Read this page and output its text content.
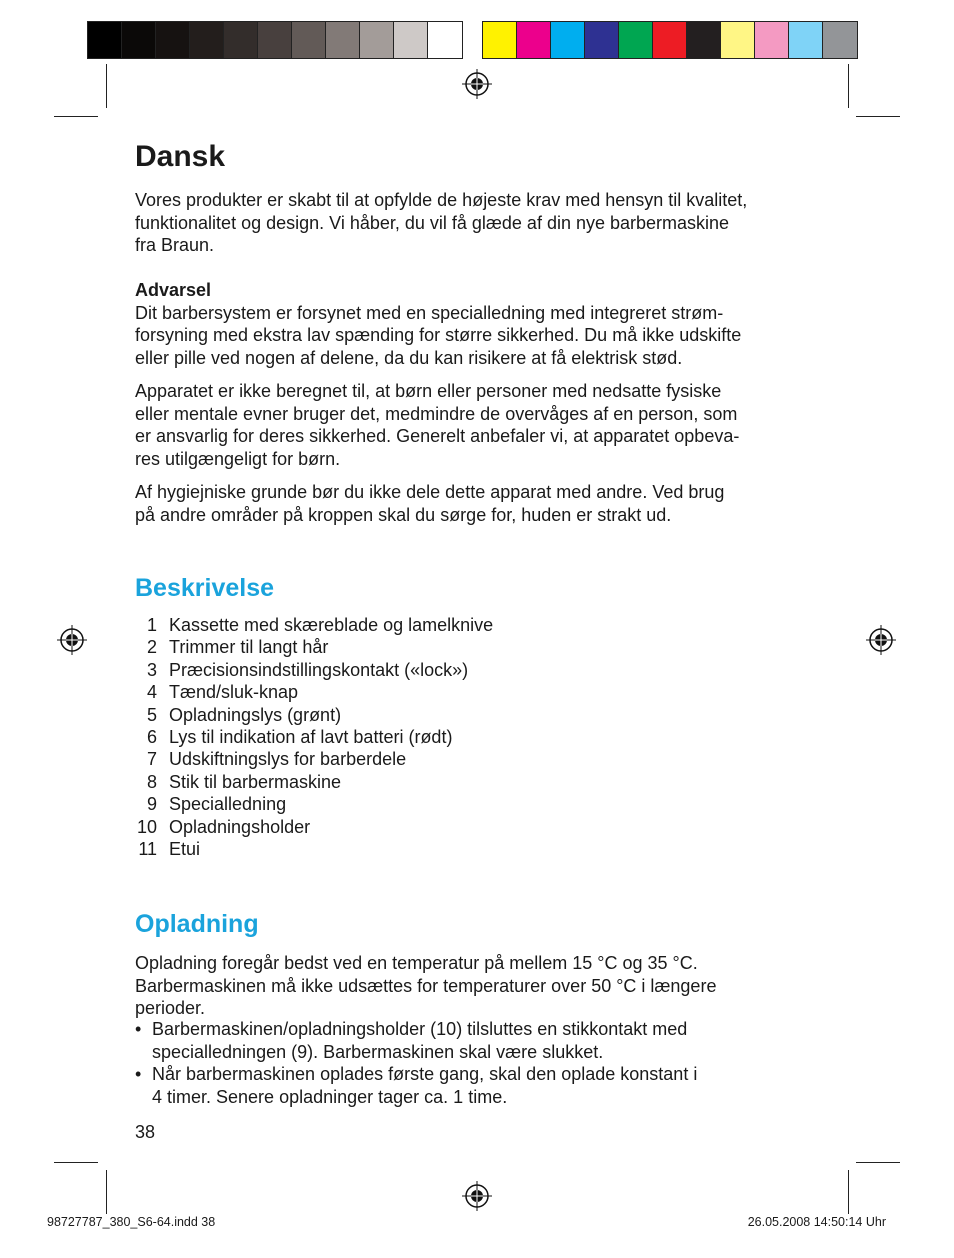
Dansk

Vores produkter er skabt til at opfylde de højeste krav med hensyn til kvalitet,
funktionalitet og design. Vi håber, du vil få glæde af din nye barbermaskine
fra Braun.

Advarsel
Dit barbersystem er forsynet med en specialledning med integreret strøm-
forsyning med ekstra lav spænding for større sikkerhed. Du må ikke udskifte
eller pille ved nogen af delene, da du kan risikere at få elektrisk stød.

Apparatet er ikke beregnet til, at børn eller personer med nedsatte fysiske
eller mentale evner bruger det, medmindre de overvåges af en person, som
er ansvarlig for deres sikkerhed. Generelt anbefaler vi, at apparatet opbeva-
res utilgængeligt for børn.

Af hygiejniske grunde bør du ikke dele dette apparat med andre. Ved brug
på andre områder på kroppen skal du sørge for, huden er strakt ud.

Beskrivelse
1 Kassette med skæreblade og lamelknive
2 Trimmer til langt hår
3 Præcisionsindstillingskontakt («lock»)
4 Tænd/sluk-knap
5 Opladningslys (grønt)
6 Lys til indikation af lavt batteri (rødt)
7 Udskiftningslys for barberdele
8 Stik til barbermaskine
9 Specialledning
10 Opladningsholder
11 Etui
Opladning

Opladning foregår bedst ved en temperatur på mellem 15 °C og 35 °C.
Barbermaskinen må ikke udsættes for temperaturer over 50 °C i længere
perioder.

• Barbermaskinen/opladningsholder (10) tilsluttes en stikkontakt med
specialledningen (9). Barbermaskinen skal være slukket.
• Når barbermaskinen oplades første gang, skal den oplade konstant i
4 timer. Senere opladninger tager ca. 1 time.
38
98727787_380_S6-64.indd 38	26.05.2008 14:50:14 Uhr
